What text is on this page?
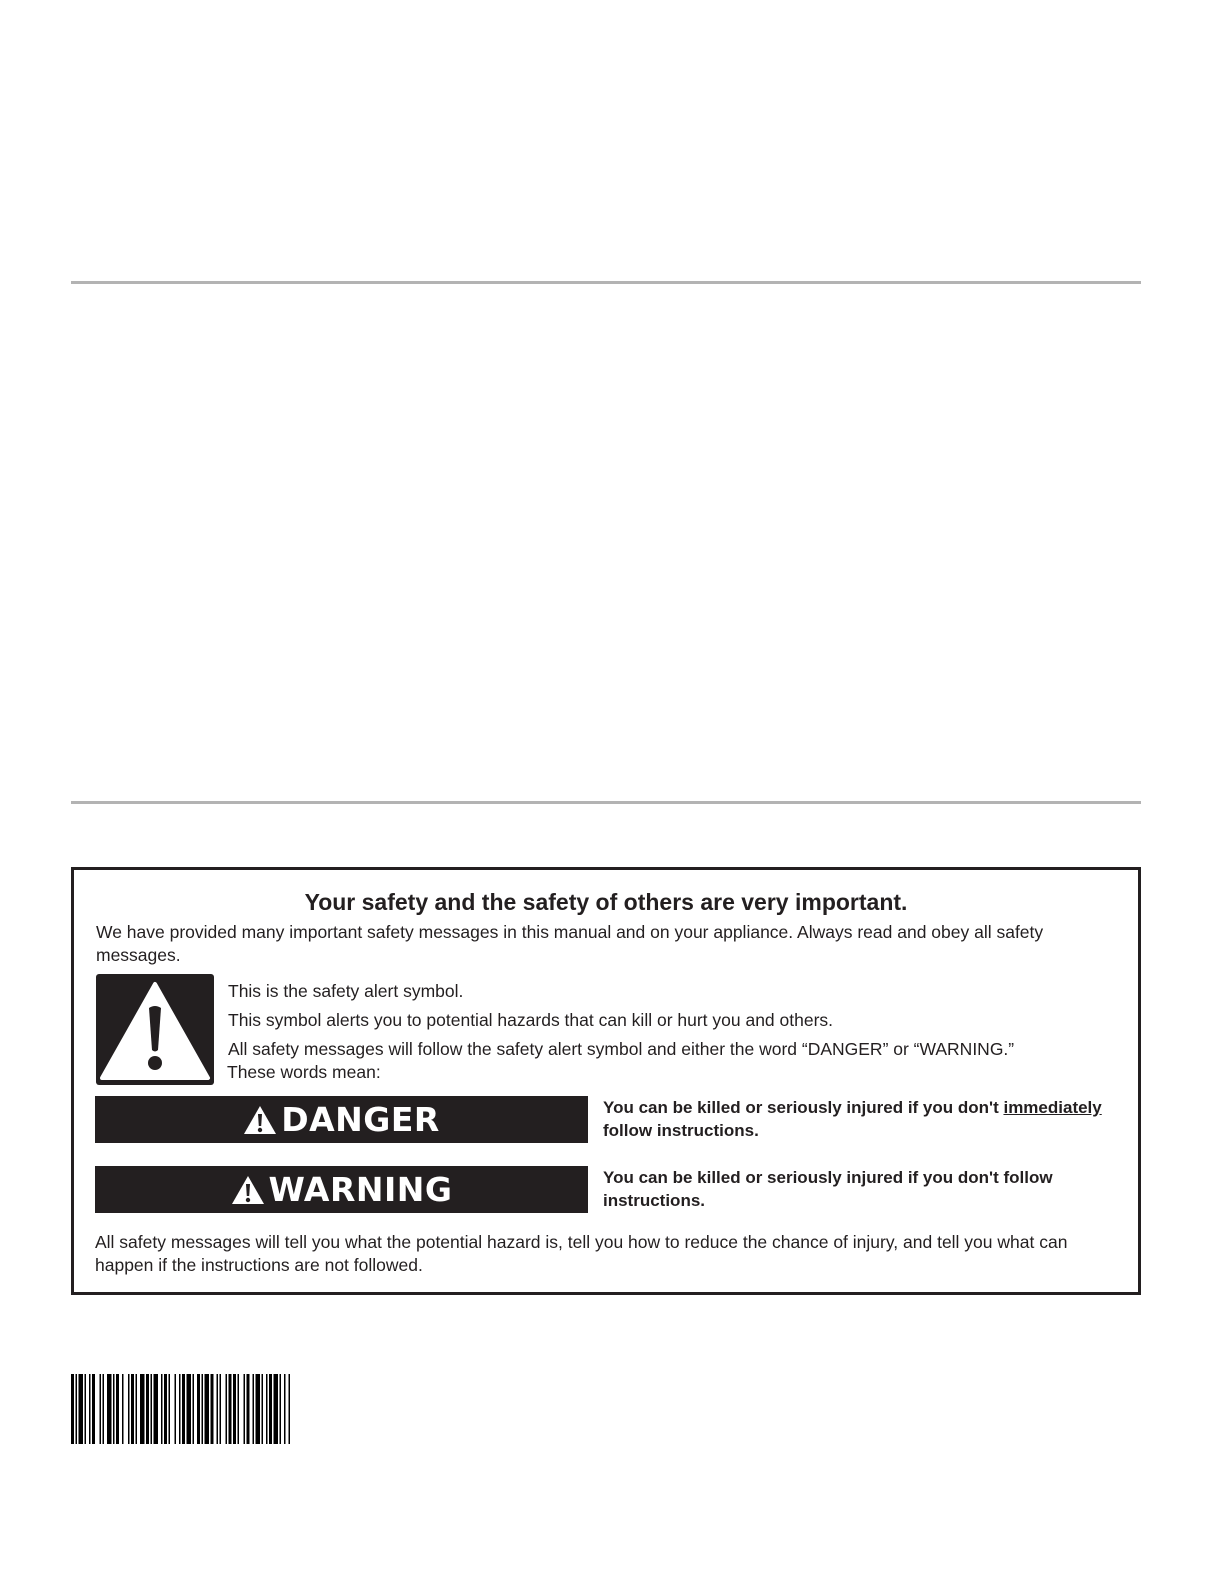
Your safety and the safety of others are very important.
We have provided many important safety messages in this manual and on your appliance. Always read and obey all safety messages.
This is the safety alert symbol.
This symbol alerts you to potential hazards that can kill or hurt you and others.
All safety messages will follow the safety alert symbol and either the word “DANGER” or “WARNING.”
These words mean:
DANGER	You can be killed or seriously injured if you don't immediately follow instructions.
WARNING	You can be killed or seriously injured if you don't follow instructions.
All safety messages will tell you what the potential hazard is, tell you how to reduce the chance of injury, and tell you what can happen if the instructions are not followed.
